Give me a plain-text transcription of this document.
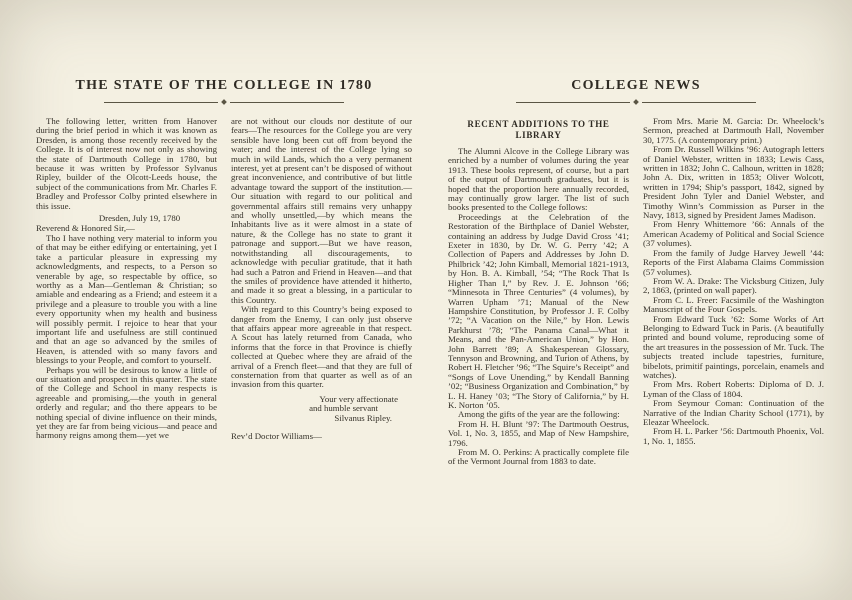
THE STATE OF THE COLLEGE IN 1780

The following letter, written from Hanover during the brief period in which it was known as Dresden, is among those recently received by the College. It is of interest now not only as showing the state of Dartmouth College in 1780, but because it was written by Professor Sylvanus Ripley, builder of the Olcott-Leeds house, the subject of the communications from Mr. Charles F. Bradley and Professor Colby printed elsewhere in this issue.

Dresden, July 19, 1780

Reverend & Honored Sir,—

Tho I have nothing very material to inform you of that may be either edifying or entertaining, yet I take a particular pleasure in expressing my acknowledgments, and respects, to a Person so venerable by age, so respectable by office, so worthy as a Man—Gentleman & Christian; so amiable and endearing as a Friend; and esteem it a privilege and a pleasure to trouble you with a line every opportunity when my health and business will possibly permit. I rejoice to hear that your important life and usefulness are still continued and that an age so advanced by the smiles of Heaven, is attended with so many favors and blessings to your People, and comfort to yourself.

Perhaps you will be desirous to know a little of our situation and prospect in this quarter. The state of the College and School in many respects is agreeable and promising,—the youth in general orderly and regular; and tho there appears to be nothing special of divine influence on their minds, yet they are far from being vicious—and peace and harmony reigns among them—yet we

are not without our clouds nor destitute of our fears—The resources for the College you are very sensible have long been cut off from beyond the water; and the interest of the College lying so much in wild Lands, which tho a very permanent interest, yet at present can’t be disposed of without great inconvenience, and contributive of but little advantage toward the support of the institution.—Our situation with regard to our political and governmental affairs still remains very unhappy and wholly unsettled,—by which means the Inhabitants live as it were almost in a state of nature, & the College has no state to grant it patronage and support.—But we have reason, notwithstanding all discouragements, to acknowledge with peculiar gratitude, that it hath had such a Patron and Friend in Heaven—and that the smiles of providence have attended it hitherto, and made it so great a blessing, in a particular to this Country.

With regard to this Country’s being exposed to danger from the Enemy, I can only just observe that affairs appear more agreeable in that respect. A Scout has lately returned from Canada, who informs that the force in that Province is chiefly collected at Quebec where they are afraid of the arrival of a French fleet—and that they are full of consternation from that quarter as well as of an invasion from this quarter.

Your very affectionate

and humble servant

Silvanus Ripley.

Rev’d Doctor Williams—

COLLEGE NEWS

RECENT ADDITIONS TO THE
LIBRARY

The Alumni Alcove in the College Library was enriched by a number of volumes during the year 1913. These books represent, of course, but a part of the output of Dartmouth graduates, but it is hoped that the proportion here annually recorded, may continually grow larger. The list of such books presented to the College follows:

Proceedings at the Celebration of the Restoration of the Birthplace of Daniel Webster, containing an address by Judge David Cross ’41; Exeter in 1830, by Dr. W. G. Perry ’42; A Collection of Papers and Addresses by John D. Philbrick ’42; John Kimball, Memorial 1821-1913, by Hon. B. A. Kimball, ’54; “The Rock That Is Higher Than I,” by Rev. J. E. Johnson ’66; “Minnesota in Three Centuries” (4 volumes), by Warren Upham ’71; Manual of the New Hampshire Constitution, by Professor J. F. Colby ’72; “A Vacation on the Nile,” by Hon. Lewis Parkhurst ’78; “The Panama Canal—What it Means, and the Pan-American Union,” by Hon. John Barrett ’89; A Shakesperean Glossary, Tennyson and Browning, and Turion of Athens, by Robert H. Fletcher ’96; “The Squire’s Receipt” and “Songs of Love Unending,” by Kendall Banning ’02; “Business Organization and Combination,” by L. H. Haney ’03; “The Story of California,” by H. K. Norton ’05.

Among the gifts of the year are the following:

From H. H. Blunt ’97: The Dartmouth Oestrus, Vol. 1, No. 3, 1855, and Map of New Hampshire, 1796.

From M. O. Perkins: A practically complete file of the Vermont Journal from 1883 to date.

From Mrs. Marie M. Garcia: Dr. Wheelock’s Sermon, preached at Dartmouth Hall, November 30, 1775. (A contemporary print.)

From Dr. Russell Wilkins ’96: Autograph letters of Daniel Webster, written in 1833; Lewis Cass, written in 1832; John C. Calhoun, written in 1828; John A. Dix, written in 1853; Oliver Wolcott, written in 1794; Ship’s passport, 1842, signed by President John Tyler and Daniel Webster, and Timothy Winn’s Commission as Purser in the Navy, 1813, signed by President James Madison.

From Henry Whittemore ’66: Annals of the American Academy of Political and Social Science (37 volumes).

From the family of Judge Harvey Jewell ’44: Reports of the First Alabama Claims Commission (57 volumes).

From W. A. Drake: The Vicksburg Citizen, July 2, 1863, (printed on wall paper).

From C. L. Freer: Facsimile of the Washington Manuscript of the Four Gospels.

From Edward Tuck ’62: Some Works of Art Belonging to Edward Tuck in Paris. (A beautifully printed and bound volume, reproducing some of the art treasures in the possession of Mr. Tuck. The subjects treated include tapestries, furniture, bibelots, primitif paintings, porcelain, enamels and watches).

From Mrs. Robert Roberts: Diploma of D. J. Lyman of the Class of 1804.

From Seymour Coman: Continuation of the Narrative of the Indian Charity School (1771), by Eleazar Wheelock.

From H. L. Parker ’56: Dartmouth Phoenix, Vol. 1, No. 1, 1855.
